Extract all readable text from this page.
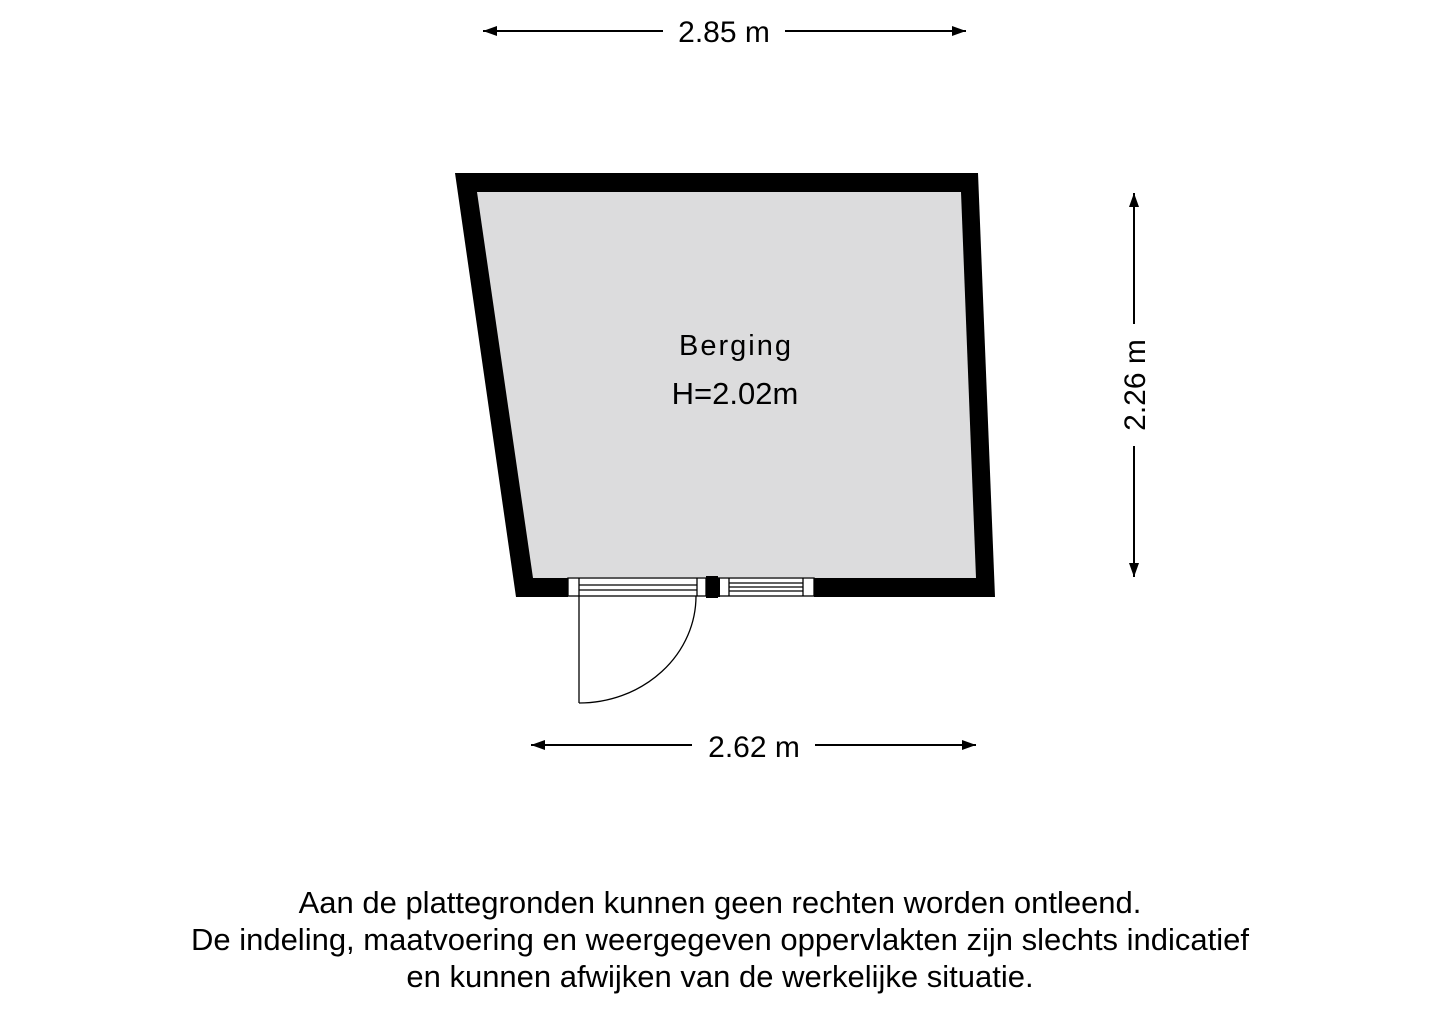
Berging
H=2.02m
2.85 m
2.62 m
2.26 m
Aan de plattegronden kunnen geen rechten worden ontleend.
De indeling, maatvoering en weergegeven oppervlakten zijn slechts indicatief
en kunnen afwijken van de werkelijke situatie.
